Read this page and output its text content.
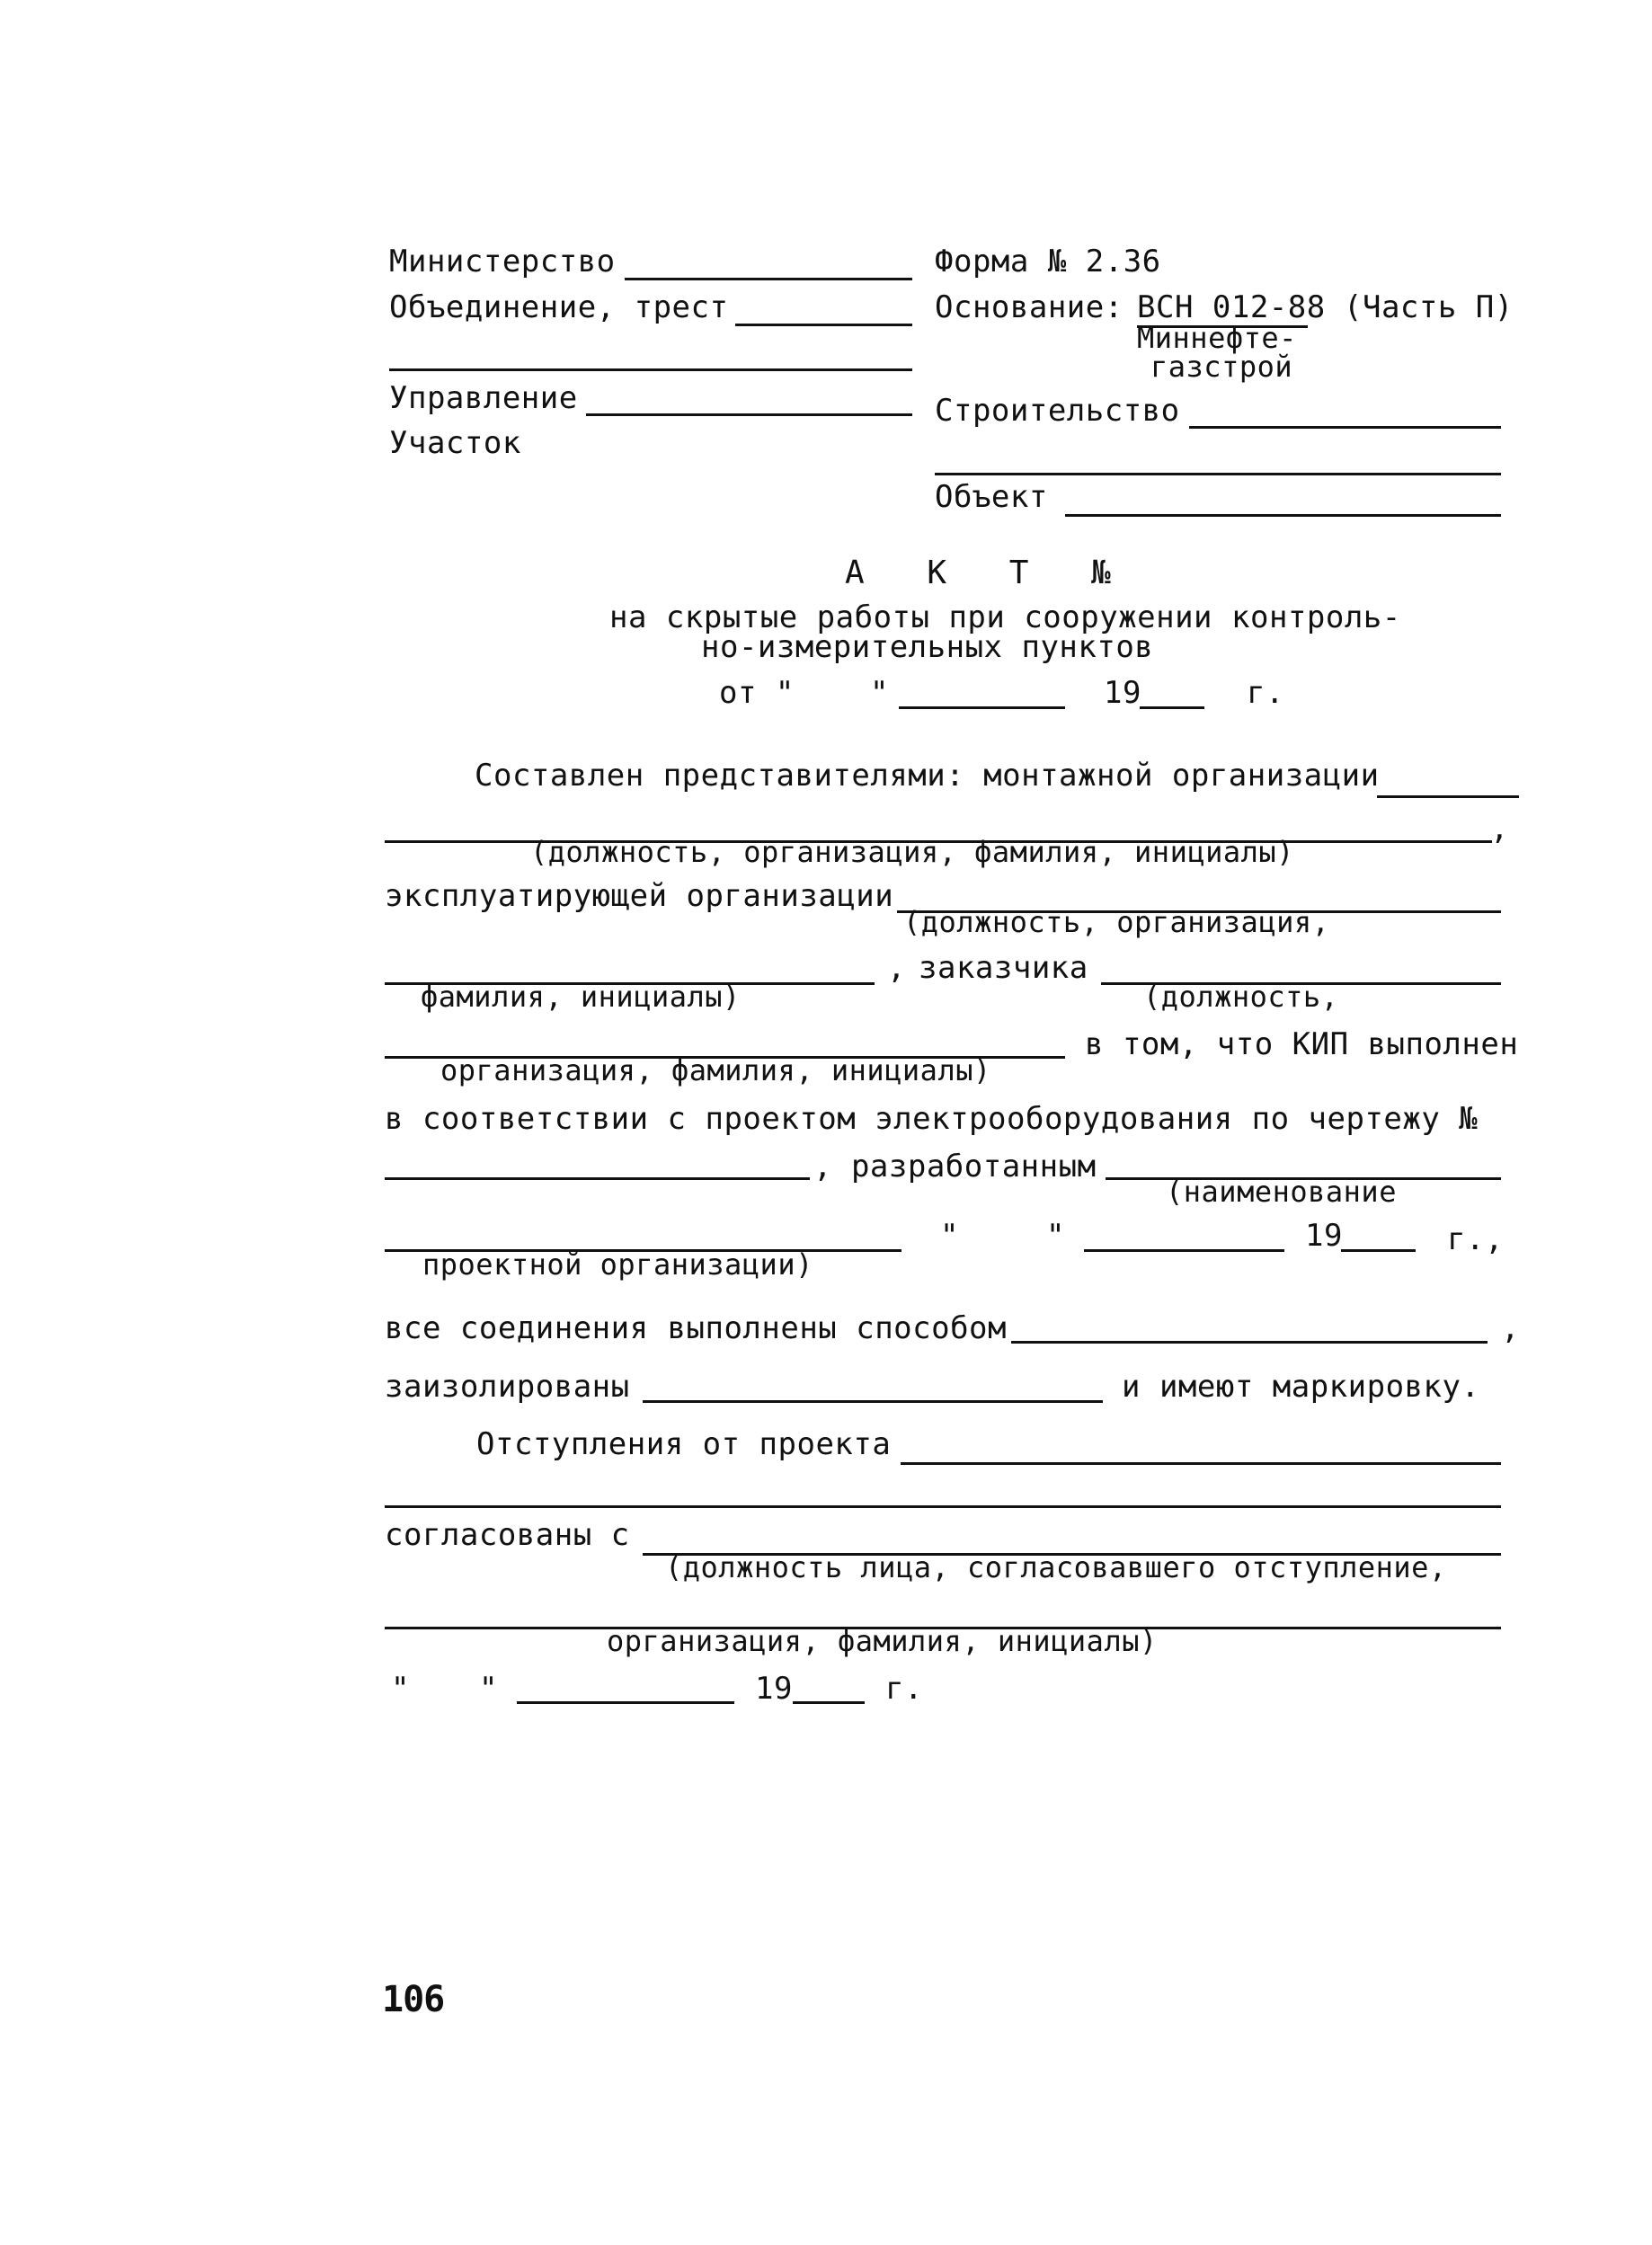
Министерство
Объединение, трест
Управление
Участок
Форма № 2.36
Основание: ВСН 012-88 (Часть П)
Миннефте-
газстрой
Строительство
Объект
А К Т №
на скрытые работы при сооружении контроль-
но-измерительных пунктов
от " "	19	г.
Составлен представителями: монтажной организации
,
(должность, организация, фамилия, инициалы)
эксплуатирующей организации
(должность, организация,
, заказчика
фамилия, инициалы)	(должность,
в том, что КИП выполнен
организация, фамилия, инициалы)
в соответствии с проектом электрооборудования по чертежу №
, разработанным
(наименование
"	"	19	г.,
проектной организации)
все соединения выполнены способом	,
заизолированы	и имеют маркировку.
Отступления от проекта
согласованы с
(должность лица, согласовавшего отступление,
организация, фамилия, инициалы)
" "	19	г.
106
